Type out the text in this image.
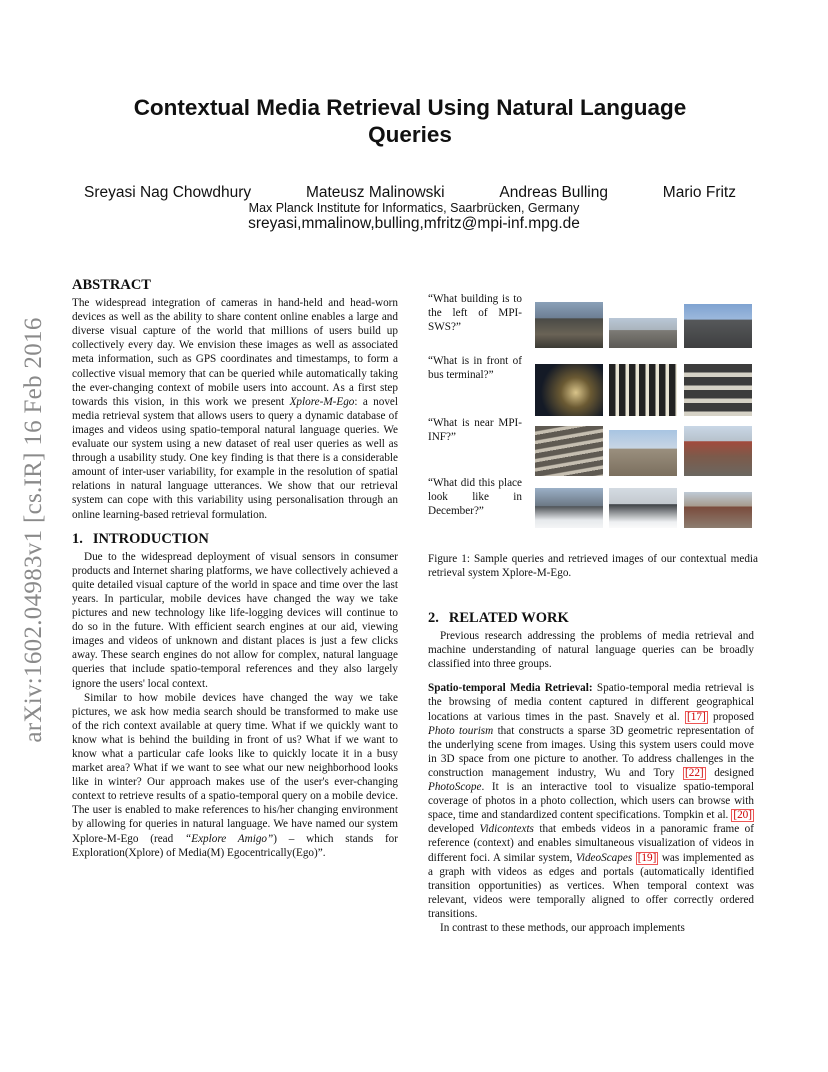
arXiv:1602.04983v1 [cs.IR] 16 Feb 2016
Contextual Media Retrieval Using Natural Language Queries
Sreyasi Nag Chowdhury	Mateusz Malinowski	Andreas Bulling	Mario Fritz
Max Planck Institute for Informatics, Saarbrücken, Germany
sreyasi,mmalinow,bulling,mfritz@mpi-inf.mpg.de
ABSTRACT

The widespread integration of cameras in hand-held and head-worn devices as well as the ability to share content online enables a large and diverse visual capture of the world that millions of users build up collectively every day. We envision these images as well as associated meta information, such as GPS coordinates and timestamps, to form a collective visual memory that can be queried while automatically taking the ever-changing context of mobile users into account. As a first step towards this vision, in this work we present Xplore-M-Ego: a novel media retrieval system that allows users to query a dynamic database of images and videos using spatio-temporal natural language queries. We evaluate our system using a new dataset of real user queries as well as through a usability study. One key finding is that there is a considerable amount of inter-user variability, for example in the resolution of spatial relations in natural language utterances. We show that our retrieval system can cope with this variability using personalisation through an online learning-based retrieval formulation.

1. INTRODUCTION

Due to the widespread deployment of visual sensors in consumer products and Internet sharing platforms, we have collectively achieved a quite detailed visual capture of the world in space and time over the last years. In particular, mobile devices have changed the way we take pictures and new technology like life-logging devices will continue to do so in the future. With efficient search engines at our aid, viewing images and videos of unknown and distant places is just a few clicks away. These search engines do not allow for complex, natural language queries that include spatio-temporal references and they also largely ignore the users' local context.

Similar to how mobile devices have changed the way we take pictures, we ask how media search should be transformed to make use of the rich context available at query time. What if we quickly want to know what is behind the building in front of us? What if we want to know what a particular cafe looks like to quickly locate it in a busy market area? What if we want to see what our new neighborhood looks like in winter? Our approach makes use of the user's ever-changing context to retrieve results of a spatio-temporal query on a mobile device. The user is enabled to make references to his/her changing environment by allowing for queries in natural language. We have named our system Xplore-M-Ego (read “Explore Amigo”) – which stands for Exploration(Xplore) of Media(M) Egocentrically(Ego)”.

“What building is to the left of MPI-SWS?”
“What is in front of bus terminal?”
“What is near MPI-INF?”
“What did this place look like in December?”
Figure 1: Sample queries and retrieved images of our contextual media retrieval system Xplore-M-Ego.
2. RELATED WORK

Previous research addressing the problems of media retrieval and machine understanding of natural language queries can be broadly classified into three groups.

Spatio-temporal Media Retrieval: Spatio-temporal media retrieval is the browsing of media content captured in different geographical locations at various times in the past. Snavely et al. [17] proposed Photo tourism that constructs a sparse 3D geometric representation of the underlying scene from images. Using this system users could move in 3D space from one picture to another. To address challenges in the construction management industry, Wu and Tory [22] designed PhotoScope. It is an interactive tool to visualize spatio-temporal coverage of photos in a photo collection, which users can browse with space, time and standardized content specifications. Tompkin et al. [20] developed Vidicontexts that embeds videos in a panoramic frame of reference (context) and enables simultaneous visualization of videos in different foci. A similar system, VideoScapes [19] was implemented as a graph with videos as edges and portals (automatically identified transition opportunities) as vertices. When temporal context was relevant, videos were temporally aligned to offer correctly ordered transitions.

In contrast to these methods, our approach implements
